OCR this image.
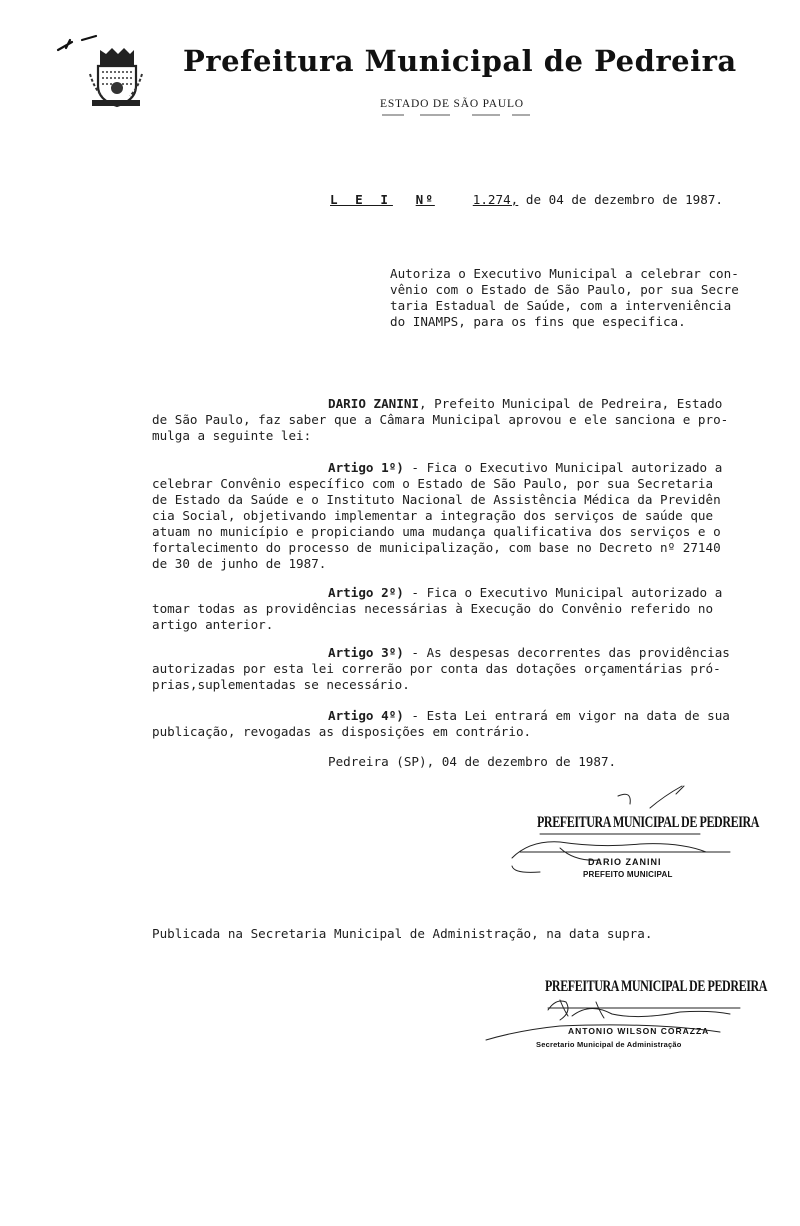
Prefeitura Municipal de Pedreira
ESTADO DE SÃO PAULO
L E I Nº	1.274, de 04 de dezembro de 1987.
Autoriza o Executivo Municipal a celebrar con-
vênio com o Estado de São Paulo, por sua Secre
taria Estadual de Saúde, com a interveniência
do INAMPS, para os fins que especifica.
DARIO ZANINI, Prefeito Municipal de Pedreira, Estado
de São Paulo, faz saber que a Câmara Municipal aprovou e ele sanciona e pro-
mulga a seguinte lei:
Artigo 1º) - Fica o Executivo Municipal autorizado a
celebrar Convênio específico com o Estado de São Paulo, por sua Secretaria
de Estado da Saúde e o Instituto Nacional de Assistência Médica da Previdên
cia Social, objetivando implementar a integração dos serviços de saúde que
atuam no município e propiciando uma mudança qualificativa dos serviços e o
fortalecimento do processo de municipalização, com base no Decreto nº 27140
de 30 de junho de 1987.
Artigo 2º) - Fica o Executivo Municipal autorizado a
tomar todas as providências necessárias à Execução do Convênio referido no
artigo anterior.
Artigo 3º) - As despesas decorrentes das providências
autorizadas por esta lei correrão por conta das dotações orçamentárias pró-
prias,suplementadas se necessário.
Artigo 4º) - Esta Lei entrará em vigor na data de sua
publicação, revogadas as disposições em contrário.
Pedreira (SP), 04 de dezembro de 1987.
PREFEITURA MUNICIPAL DE PEDREIRA
DARIO ZANINI
PREFEITO MUNICIPAL
Publicada na Secretaria Municipal de Administração, na data supra.
PREFEITURA MUNICIPAL DE PEDREIRA
ANTONIO WILSON CORAZZA
Secretario Municipal de Administração
